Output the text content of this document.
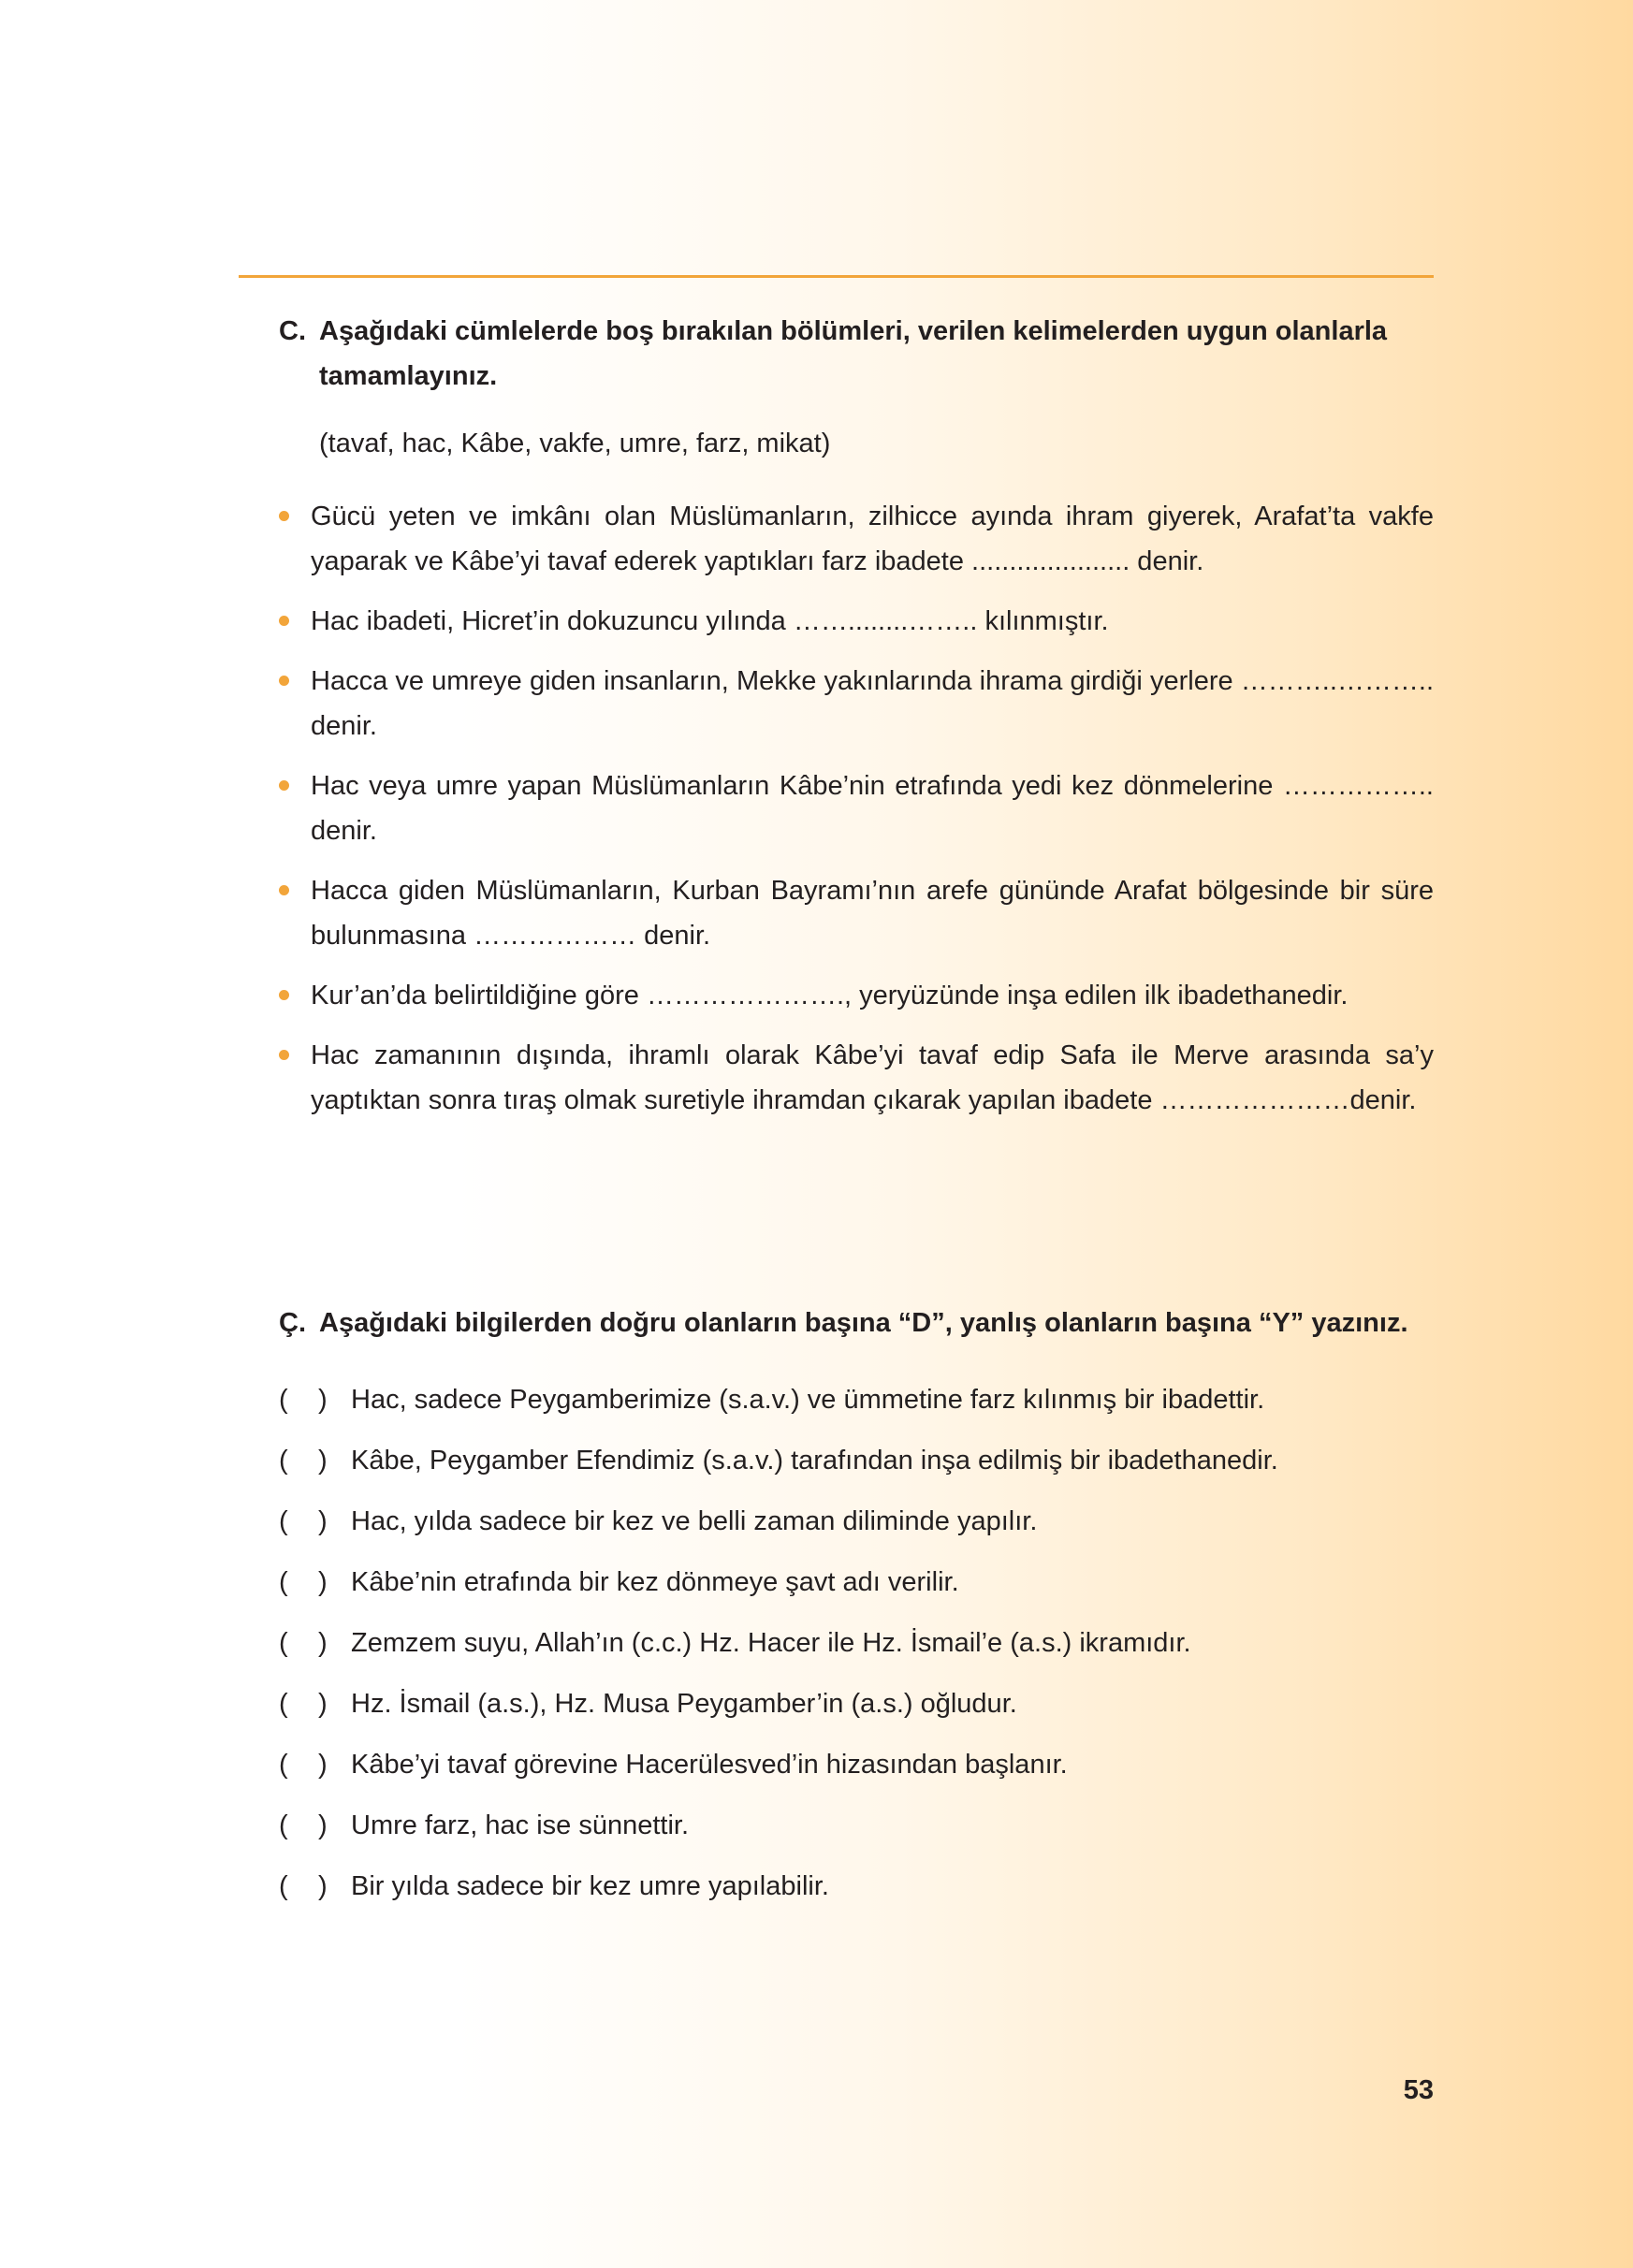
C. Aşağıdaki cümlelerde boş bırakılan bölümleri, verilen kelimelerden uygun olanlarla tamamlayınız.
(tavaf, hac, Kâbe, vakfe, umre, farz, mikat)
Gücü yeten ve imkânı olan Müslümanların, zilhicce ayında ihram giyerek, Arafat’ta vakfe yaparak ve Kâbe’yi tavaf ederek yaptıkları farz ibadete ..................... denir.
Hac ibadeti, Hicret’in dokuzuncu yılında ……........…….. kılınmıştır.
Hacca ve umreye giden insanların, Mekke yakınlarında ihrama girdiği yerlere ………..……….. denir.
Hac veya umre yapan Müslümanların Kâbe’nin etrafında yedi kez dönmelerine …………….. denir.
Hacca giden Müslümanların, Kurban Bayramı’nın arefe gününde Arafat bölgesinde bir süre bulunmasına ……………… denir.
Kur’an’da belirtildiğine göre …………………., yeryüzünde inşa edilen ilk ibadethanedir.
Hac zamanının dışında, ihramlı olarak Kâbe’yi tavaf edip Safa ile Merve arasında sa’y yaptıktan sonra tıraş olmak suretiyle ihramdan çıkarak yapılan ibadete …………………denir.
Ç. Aşağıdaki bilgilerden doğru olanların başına “D”, yanlış olanların başına “Y” yazınız.
(	) Hac, sadece Peygamberimize (s.a.v.) ve ümmetine farz kılınmış bir ibadettir.
(	) Kâbe, Peygamber Efendimiz (s.a.v.) tarafından inşa edilmiş bir ibadethanedir.
(	) Hac, yılda sadece bir kez ve belli zaman diliminde yapılır.
(	) Kâbe’nin etrafında bir kez dönmeye şavt adı verilir.
(	) Zemzem suyu, Allah’ın (c.c.) Hz. Hacer ile Hz. İsmail’e (a.s.) ikramıdır.
(	) Hz. İsmail (a.s.), Hz. Musa Peygamber’in (a.s.) oğludur.
(	) Kâbe’yi tavaf görevine Hacerülesved’in hizasından başlanır.
(	) Umre farz, hac ise sünnettir.
(	) Bir yılda sadece bir kez umre yapılabilir.
53
